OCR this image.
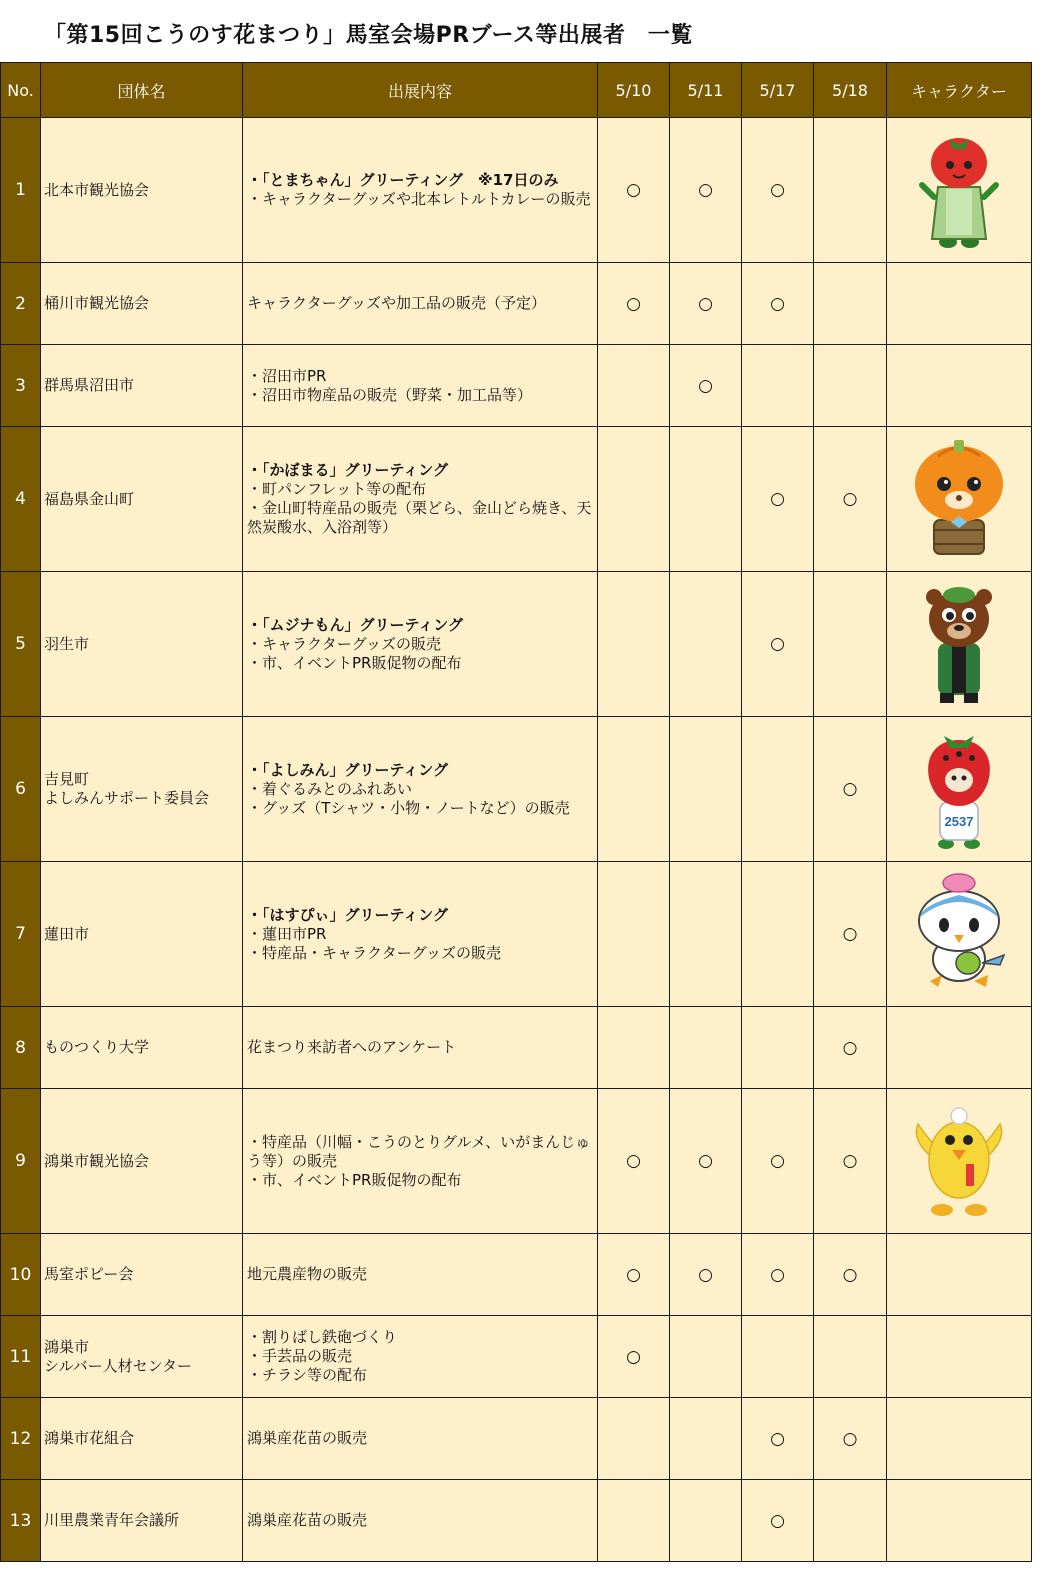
「第15回こうのす花まつり」馬室会場PRブース等出展者　一覧
No.	団体名	出展内容	5/10	5/11	5/17	5/18	キャラクター
1	北本市観光協会	・「とまちゃん」グリーティング　※17日のみ
・キャラクターグッズや北本レトルトカレーの販売	○	○	○		

2	桶川市観光協会	キャラクターグッズや加工品の販売（予定）	○	○	○		
3	群馬県沼田市	・沼田市PR
・沼田市物産品の販売（野菜・加工品等）		○			
4	福島県金山町	・「かぼまる」グリーティング
・町パンフレット等の配布
・金山町特産品の販売（栗どら、金山どら焼き、天然炭酸水、入浴剤等）			○	○	

5	羽生市	・「ムジナもん」グリーティング
・キャラクターグッズの販売
・市、イベントPR販促物の配布			○		

6	吉見町
よしみんサポート委員会	・「よしみん」グリーティング
・着ぐるみとのふれあい
・グッズ（Tシャツ・小物・ノートなど）の販売				○	2537

7	蓮田市	・「はすぴぃ」グリーティング
・蓮田市PR
・特産品・キャラクターグッズの販売				○	

8	ものつくり大学	花まつり来訪者へのアンケート				○	
9	鴻巣市観光協会	・特産品（川幅・こうのとりグルメ、いがまんじゅう等）の販売
・市、イベントPR販促物の配布	○	○	○	○	

10	馬室ポピー会	地元農産物の販売	○	○	○	○	
11	鴻巣市
シルバー人材センター	・割りばし鉄砲づくり
・手芸品の販売
・チラシ等の配布	○				
12	鴻巣市花組合	鴻巣産花苗の販売			○	○	
13	川里農業青年会議所	鴻巣産花苗の販売			○		
